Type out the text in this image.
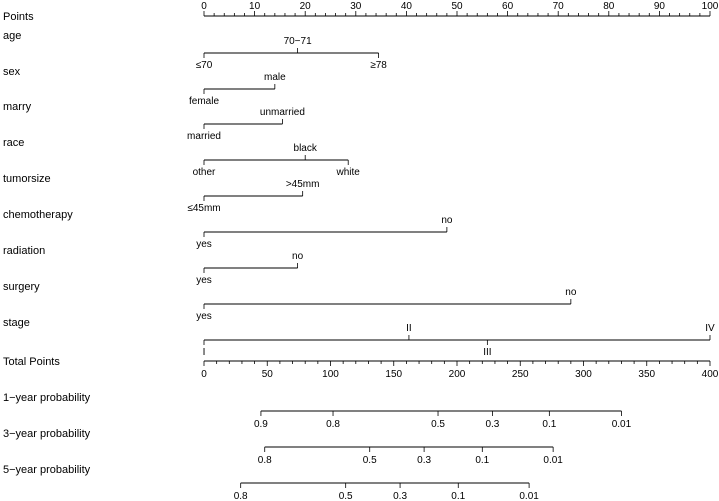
Points
0	10	20	30	40	50	60	70	80	90	100
age
≤70
70−71
≥78
sex
female
male
marry
married
unmarried
race
other
black
white
tumorsize
≤45mm
>45mm
chemotherapy
yes
no
radiation
yes
no
surgery
yes
no
stage
I
II
III
IV
Total Points
0	50	100	150	200	250	300	350	400
1−year probability
0.9	0.8	0.5	0.3	0.1	0.01
3−year probability
0.8	0.5	0.3	0.1	0.01
5−year probability
0.8	0.5	0.3	0.1	0.01
